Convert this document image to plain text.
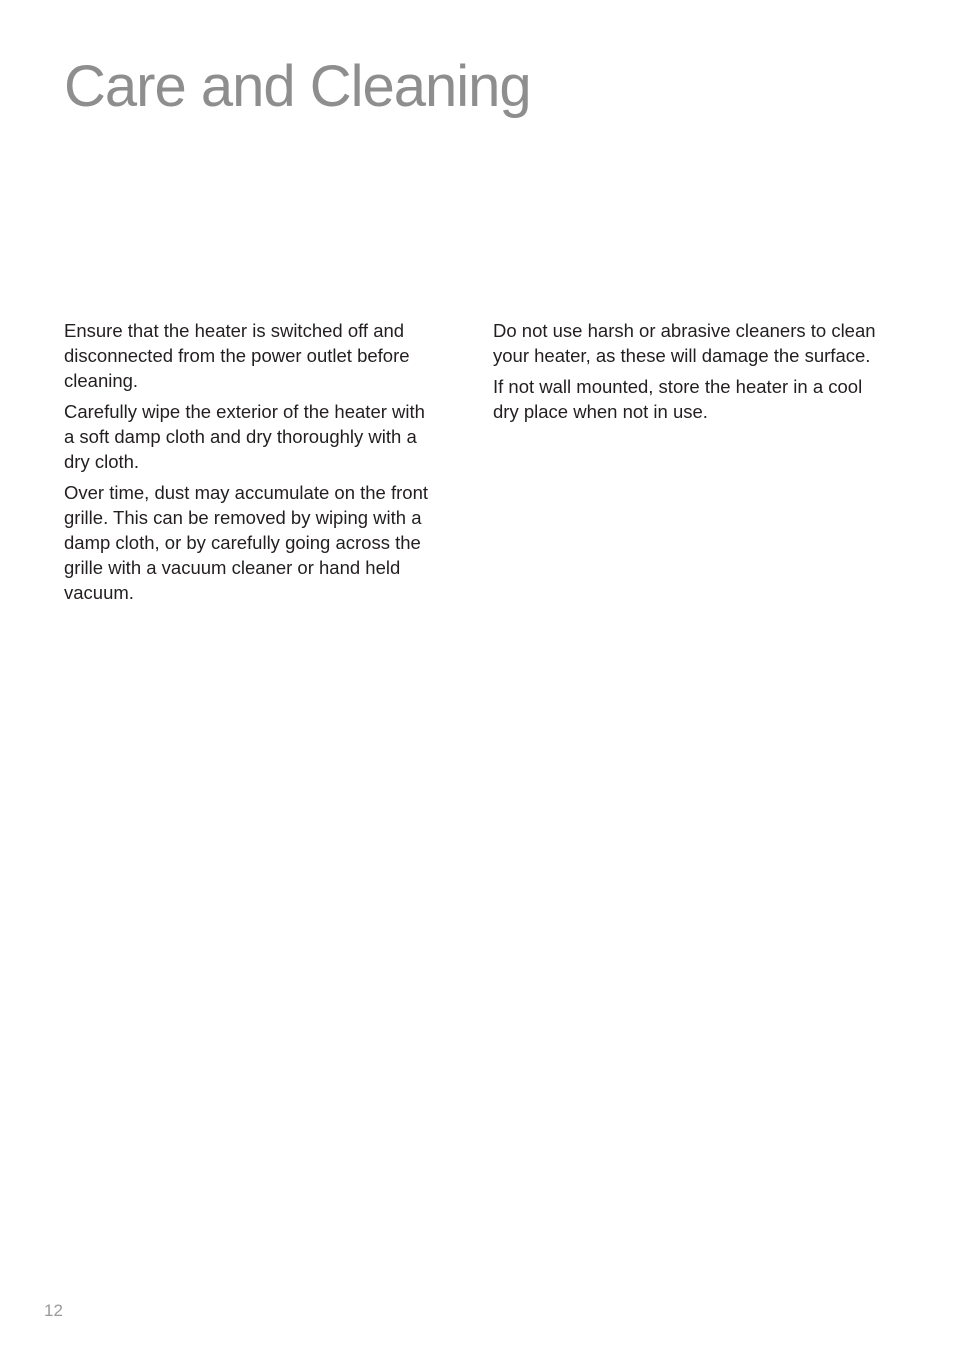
Care and Cleaning

Ensure that the heater is switched off and disconnected from the power outlet before cleaning.

Carefully wipe the exterior of the heater with a soft damp cloth and dry thoroughly with a dry cloth.

Over time, dust may accumulate on the front grille. This can be removed by wiping with a damp cloth, or by carefully going across the grille with a vacuum cleaner or hand held vacuum.

Do not use harsh or abrasive cleaners to clean your heater, as these will damage the surface.

If not wall mounted, store the heater in a cool dry place when not in use.

12
